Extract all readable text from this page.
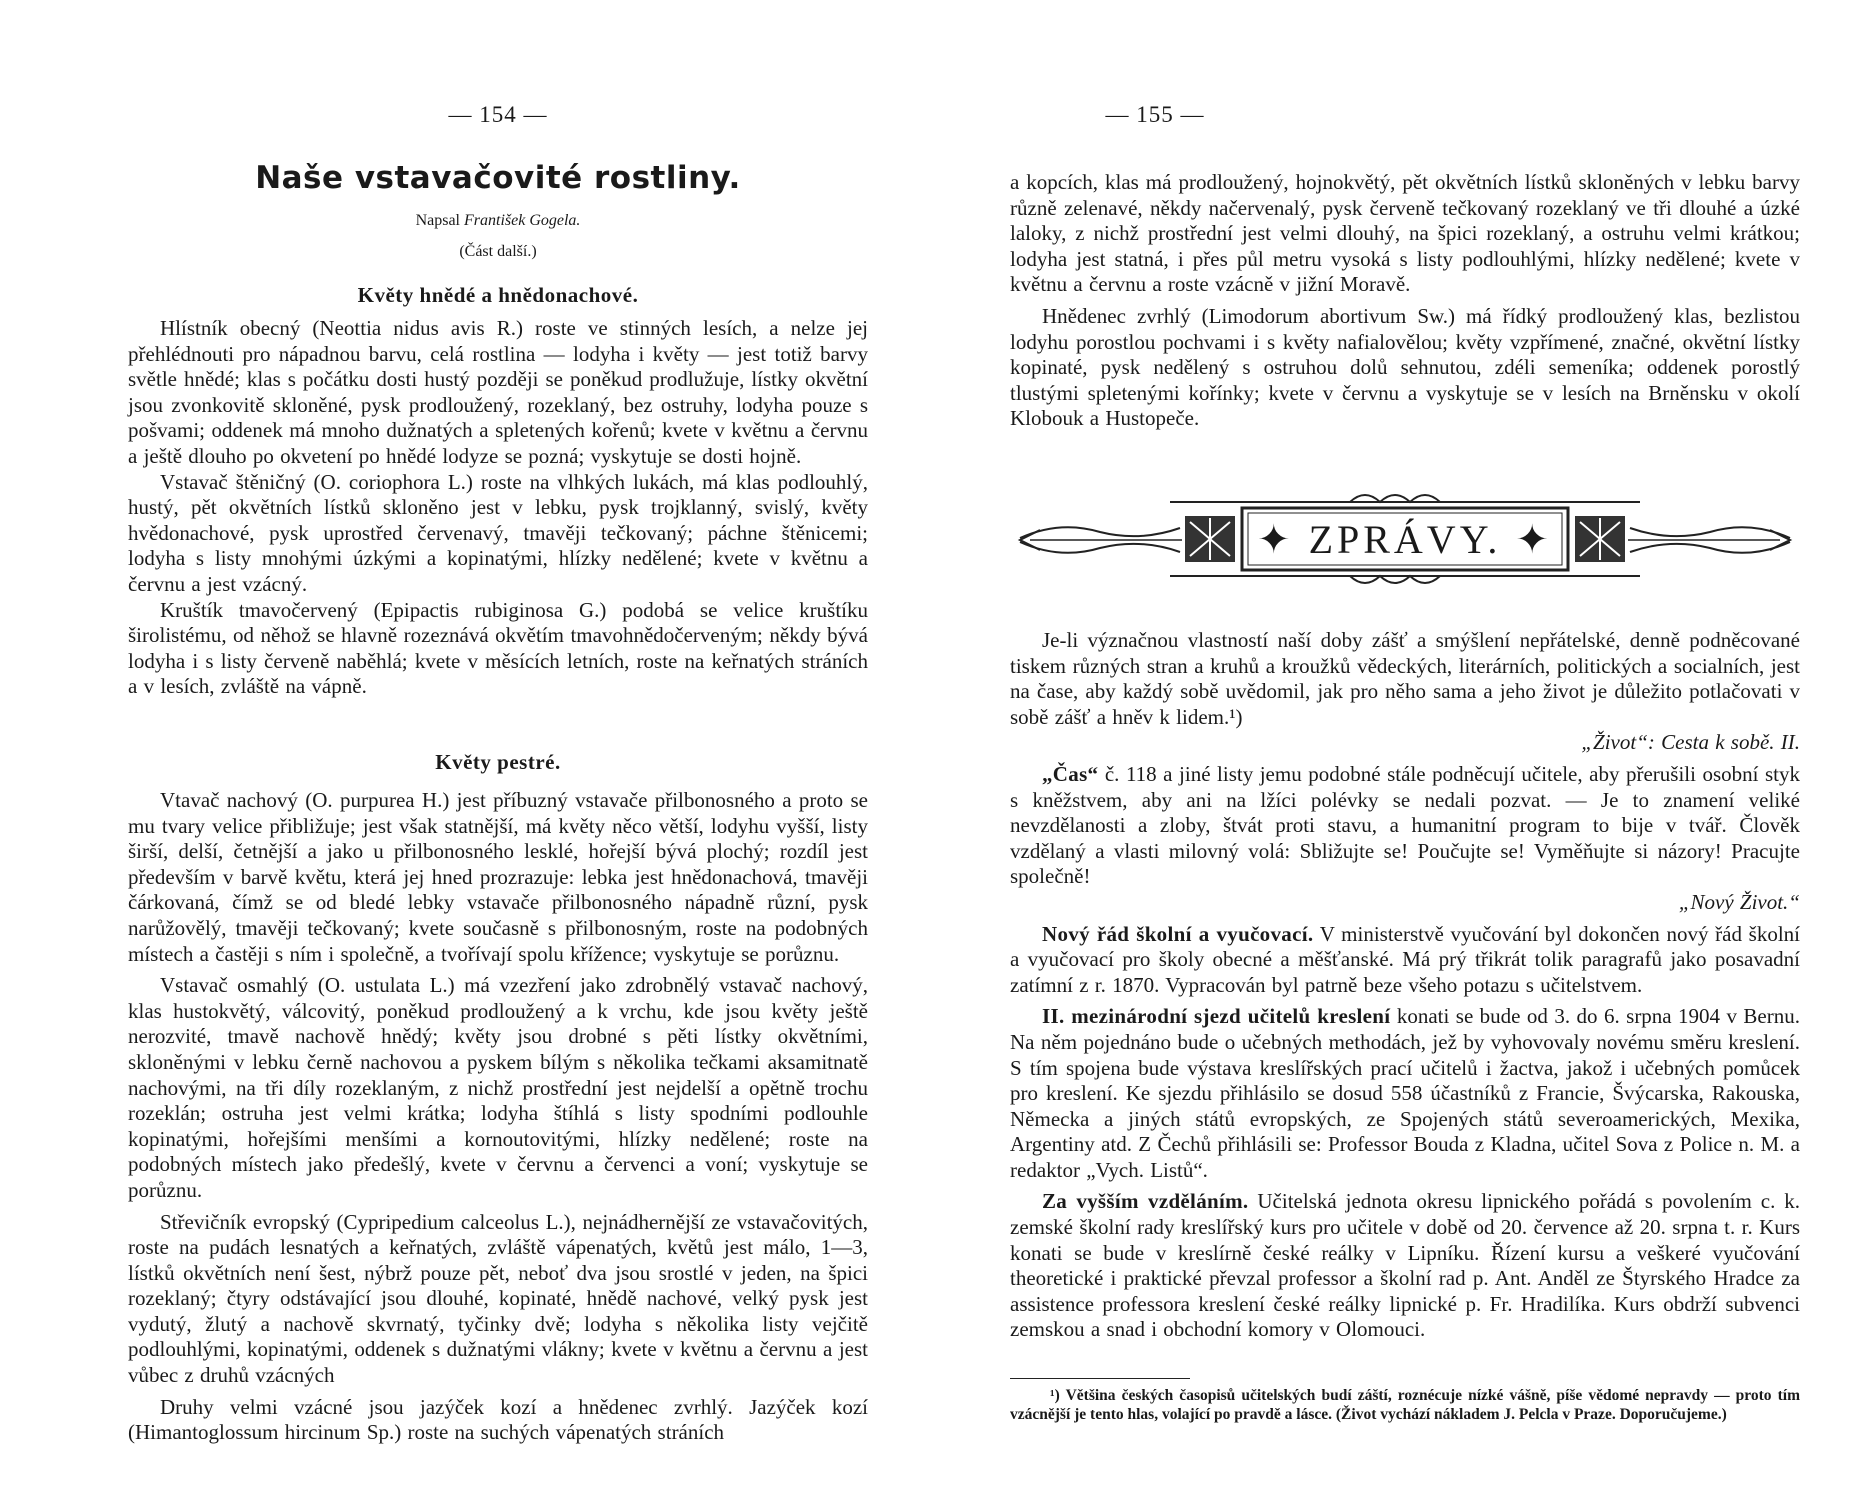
— 154 —
Naše vstavačovité rostliny.
Napsal František Gogela.
(Část další.)
Květy hnědé a hnědonachové.

Hlístník obecný (Neottia nidus avis R.) roste ve stinných lesích, a nelze jej přehlédnouti pro nápadnou barvu, celá rostlina — lodyha i květy — jest totiž barvy světle hnědé; klas s počátku dosti hustý později se poněkud prodlužuje, lístky okvětní jsou zvonkovitě skloněné, pysk prodloužený, rozeklaný, bez ostruhy, lodyha pouze s pošvami; oddenek má mnoho dužnatých a spletených kořenů; kvete v květnu a červnu a ještě dlouho po okvetení po hnědé lodyze se pozná; vyskytuje se dosti hojně.

Vstavač štěničný (O. coriophora L.) roste na vlhkých lukách, má klas podlouhlý, hustý, pět okvětních lístků skloněno jest v lebku, pysk trojklanný, svislý, květy hvědonachové, pysk uprostřed červenavý, tmavěji tečkovaný; páchne štěnicemi; lodyha s listy mnohými úzkými a kopinatými, hlízky nedělené; kvete v květnu a červnu a jest vzácný.

Kruštík tmavočervený (Epipactis rubiginosa G.) podobá se velice kruštíku širolistému, od něhož se hlavně rozeznává okvětím tmavohnědočerveným; někdy bývá lodyha i s listy červeně naběhlá; kvete v měsících letních, roste na keřnatých stráních a v lesích, zvláště na vápně.

Květy pestré.

Vtavač nachový (O. purpurea H.) jest příbuzný vstavače přilbonosného a proto se mu tvary velice přibližuje; jest však statnější, má květy něco větší, lodyhu vyšší, listy širší, delší, četnější a jako u přilbonosného lesklé, hořejší bývá plochý; rozdíl jest především v barvě květu, která jej hned prozrazuje: lebka jest hnědonachová, tmavěji čárkovaná, čímž se od bledé lebky vstavače přilbonosného nápadně různí, pysk narůžovělý, tmavěji tečkovaný; kvete současně s přilbonosným, roste na podobných místech a častěji s ním i společně, a tvořívají spolu křížence; vyskytuje se porůznu.

Vstavač osmahlý (O. ustulata L.) má vzezření jako zdrobnělý vstavač nachový, klas hustokvětý, válcovitý, poněkud prodloužený a k vrchu, kde jsou květy ještě nerozvité, tmavě nachově hnědý; květy jsou drobné s pěti lístky okvětními, skloněnými v lebku černě nachovou a pyskem bílým s několika tečkami aksamitnatě nachovými, na tři díly rozeklaným, z nichž prostřední jest nejdelší a opětně trochu rozeklán; ostruha jest velmi krátka; lodyha štíhlá s listy spodními podlouhle kopinatými, hořejšími menšími a kornoutovitými, hlízky nedělené; roste na podobných místech jako předešlý, kvete v červnu a červenci a voní; vyskytuje se porůznu.

Střevičník evropský (Cypripedium calceolus L.), nejnádhernější ze vstavačovitých, roste na pudách lesnatých a keřnatých, zvláště vápenatých, květů jest málo, 1—3, lístků okvětních není šest, nýbrž pouze pět, neboť dva jsou srostlé v jeden, na špici rozeklaný; čtyry odstávající jsou dlouhé, kopinaté, hnědě nachové, velký pysk jest vydutý, žlutý a nachově skvrnatý, tyčinky dvě; lodyha s několika listy vejčitě podlouhlými, kopinatými, oddenek s dužnatými vlákny; kvete v květnu a červnu a jest vůbec z druhů vzácných

Druhy velmi vzácné jsou jazýček kozí a hnědenec zvrhlý. Jazýček kozí (Himantoglossum hircinum Sp.) roste na suchých vápenatých stráních

— 155 —

a kopcích, klas má prodloužený, hojnokvětý, pět okvětních lístků skloněných v lebku barvy různě zelenavé, někdy načervenalý, pysk červeně tečkovaný rozeklaný ve tři dlouhé a úzké laloky, z nichž prostřední jest velmi dlouhý, na špici rozeklaný, a ostruhu velmi krátkou; lodyha jest statná, i přes půl metru vysoká s listy podlouhlými, hlízky nedělené; kvete v květnu a červnu a roste vzácně v jižní Moravě.

Hnědenec zvrhlý (Limodorum abortivum Sw.) má řídký prodloužený klas, bezlistou lodyhu porostlou pochvami i s květy nafialovělou; květy vzpřímené, značné, okvětní lístky kopinaté, pysk nedělený s ostruhou dolů sehnutou, zdéli semeníka; oddenek porostlý tlustými spletenými kořínky; kvete v červnu a vyskytuje se v lesích na Brněnsku v okolí Klobouk a Hustopeče.

✦ ZPRÁVY. ✦

Je-li význačnou vlastností naší doby zášť a smýšlení nepřátelské, denně podněcované tiskem různých stran a kruhů a kroužků vědeckých, literárních, politických a socialních, jest na čase, aby každý sobě uvědomil, jak pro něho sama a jeho život je důležito potlačovati v sobě zášť a hněv k lidem.¹)
„Život“: Cesta k sobě. II.

„Čas“ č. 118 a jiné listy jemu podobné stále podněcují učitele, aby přerušili osobní styk s kněžstvem, aby ani na lžíci polévky se nedali pozvat. — Je to znamení veliké nevzdělanosti a zloby, štvát proti stavu, a humanitní program to bije v tvář. Člověk vzdělaný a vlasti milovný volá: Sbližujte se! Poučujte se! Vyměňujte si názory! Pracujte společně!
„Nový Život.“

Nový řád školní a vyučovací. V ministerstvě vyučování byl dokončen nový řád školní a vyučovací pro školy obecné a měšťanské. Má prý třikrát tolik paragrafů jako posavadní zatímní z r. 1870. Vypracován byl patrně beze všeho potazu s učitelstvem.

II. mezinárodní sjezd učitelů kreslení konati se bude od 3. do 6. srpna 1904 v Bernu. Na něm pojednáno bude o učebných methodách, jež by vyhovovaly novému směru kreslení. S tím spojena bude výstava kreslířských prací učitelů i žactva, jakož i učebných pomůcek pro kreslení. Ke sjezdu přihlásilo se dosud 558 účastníků z Francie, Švýcarska, Rakouska, Německa a jiných států evropských, ze Spojených států severoamerických, Mexika, Argentiny atd. Z Čechů přihlásili se: Professor Bouda z Kladna, učitel Sova z Police n. M. a redaktor „Vych. Listů“.

Za vyšším vzděláním. Učitelská jednota okresu lipnického pořádá s povolením c. k. zemské školní rady kreslířský kurs pro učitele v době od 20. července až 20. srpna t. r. Kurs konati se bude v kreslírně české reálky v Lipníku. Řízení kursu a veškeré vyučování theoretické i praktické převzal professor a školní rad p. Ant. Anděl ze Štyrského Hradce za assistence professora kreslení české reálky lipnické p. Fr. Hradilíka. Kurs obdrží subvenci zemskou a snad i obchodní komory v Olomouci.

¹) Většina českých časopisů učitelských budí záští, roznécuje nízké vášně, píše vědomé nepravdy — proto tím vzácnější je tento hlas, volající po pravdě a lásce. (Život vychází nákladem J. Pelcla v Praze. Doporučujeme.)
